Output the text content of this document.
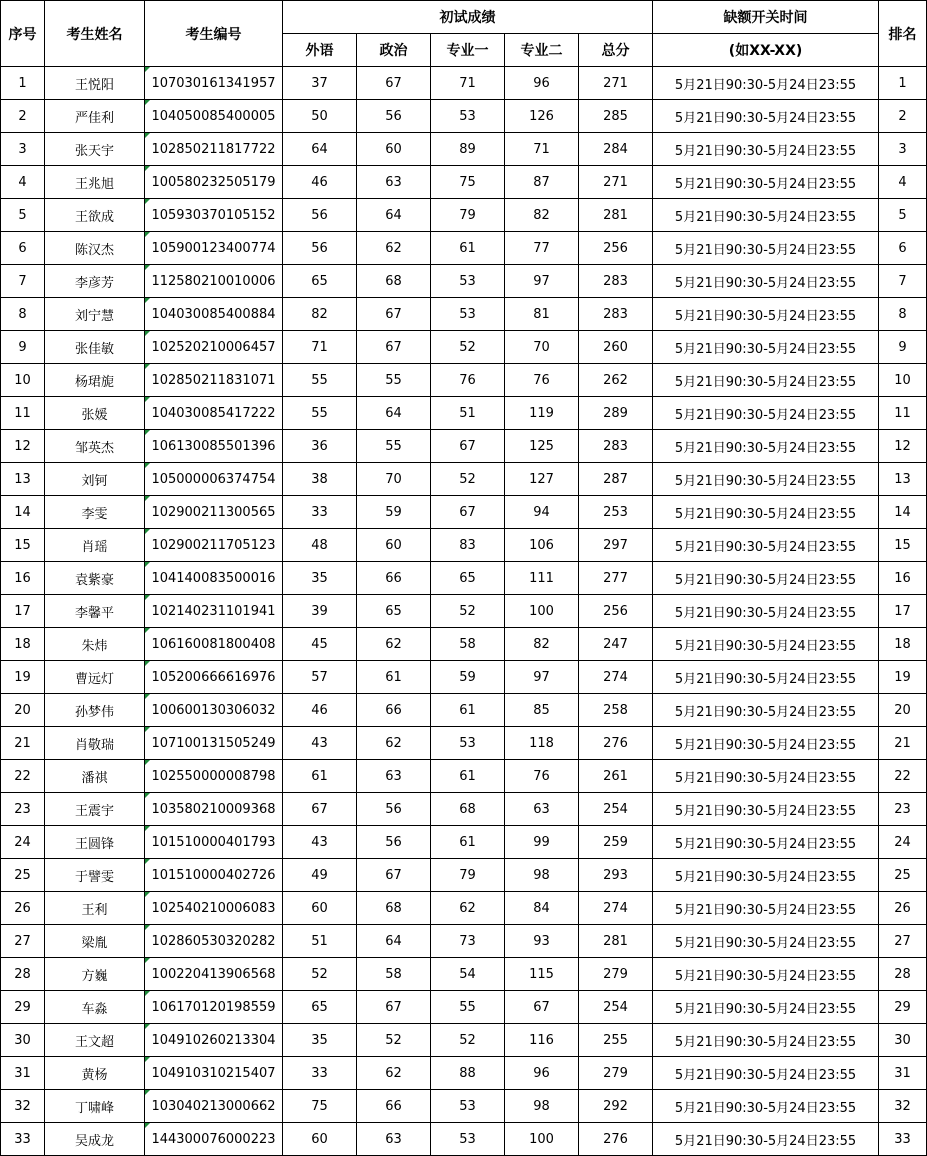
序号	考生姓名	考生编号	初试成绩					缺额开关时间	排名
			外语	政治	专业一	专业二	总分	(如XX-XX)	
1	王悦阳	107030161341957	37	67	71	96	271	5月21日90:30-5月24日23:55	1
2	严佳利	104050085400005	50	56	53	126	285	5月21日90:30-5月24日23:55	2
3	张天宇	102850211817722	64	60	89	71	284	5月21日90:30-5月24日23:55	3
4	王兆旭	100580232505179	46	63	75	87	271	5月21日90:30-5月24日23:55	4
5	王欲成	105930370105152	56	64	79	82	281	5月21日90:30-5月24日23:55	5
6	陈汉杰	105900123400774	56	62	61	77	256	5月21日90:30-5月24日23:55	6
7	李彦芳	112580210010006	65	68	53	97	283	5月21日90:30-5月24日23:55	7
8	刘宁慧	104030085400884	82	67	53	81	283	5月21日90:30-5月24日23:55	8
9	张佳敏	102520210006457	71	67	52	70	260	5月21日90:30-5月24日23:55	9
10	杨珺旎	102850211831071	55	55	76	76	262	5月21日90:30-5月24日23:55	10
11	张媛	104030085417222	55	64	51	119	289	5月21日90:30-5月24日23:55	11
12	邹英杰	106130085501396	36	55	67	125	283	5月21日90:30-5月24日23:55	12
13	刘钶	105000006374754	38	70	52	127	287	5月21日90:30-5月24日23:55	13
14	李雯	102900211300565	33	59	67	94	253	5月21日90:30-5月24日23:55	14
15	肖瑶	102900211705123	48	60	83	106	297	5月21日90:30-5月24日23:55	15
16	袁紫豪	104140083500016	35	66	65	111	277	5月21日90:30-5月24日23:55	16
17	李馨平	102140231101941	39	65	52	100	256	5月21日90:30-5月24日23:55	17
18	朱炜	106160081800408	45	62	58	82	247	5月21日90:30-5月24日23:55	18
19	曹远灯	105200666616976	57	61	59	97	274	5月21日90:30-5月24日23:55	19
20	孙梦伟	100600130306032	46	66	61	85	258	5月21日90:30-5月24日23:55	20
21	肖敬瑞	107100131505249	43	62	53	118	276	5月21日90:30-5月24日23:55	21
22	潘祺	102550000008798	61	63	61	76	261	5月21日90:30-5月24日23:55	22
23	王震宇	103580210009368	67	56	68	63	254	5月21日90:30-5月24日23:55	23
24	王圆锋	101510000401793	43	56	61	99	259	5月21日90:30-5月24日23:55	24
25	于譬雯	101510000402726	49	67	79	98	293	5月21日90:30-5月24日23:55	25
26	王利	102540210006083	60	68	62	84	274	5月21日90:30-5月24日23:55	26
27	梁胤	102860530320282	51	64	73	93	281	5月21日90:30-5月24日23:55	27
28	方巍	100220413906568	52	58	54	115	279	5月21日90:30-5月24日23:55	28
29	车淼	106170120198559	65	67	55	67	254	5月21日90:30-5月24日23:55	29
30	王文超	104910260213304	35	52	52	116	255	5月21日90:30-5月24日23:55	30
31	黄杨	104910310215407	33	62	88	96	279	5月21日90:30-5月24日23:55	31
32	丁啸峰	103040213000662	75	66	53	98	292	5月21日90:30-5月24日23:55	32
33	吴成龙	144300076000223	60	63	53	100	276	5月21日90:30-5月24日23:55	33
